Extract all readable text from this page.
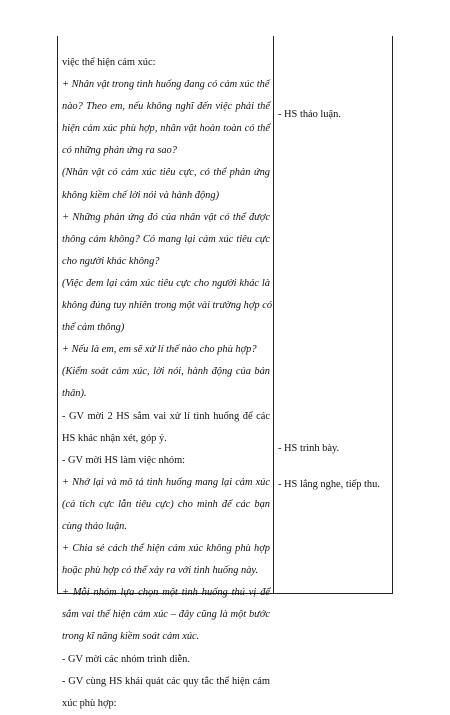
việc thể hiện cảm xúc:
+ Nhân vật trong tình huống đang có cảm xúc thế
nào? Theo em, nếu không nghĩ đến việc phải thể
hiện cảm xúc phù hợp, nhân vật hoàn toàn có thể
có những phản ứng ra sao?
(Nhân vật có cảm xúc tiêu cực, có thể phản ứng
không kiềm chế lời nói và hành động)
+ Những phản ứng đó của nhân vật có thể được
thông cảm không? Có mang lại cảm xúc tiêu cực
cho người khác không?
(Việc đem lại cảm xúc tiêu cực cho người khác là
không đúng tuy nhiên trong một vài trường hợp có
thể cảm thông)
+ Nếu là em, em sẽ xử lí thế nào cho phù hợp?
(Kiểm soát cảm xúc, lời nói, hành động của bản
thân).
- GV mời 2 HS sắm vai xử lí tình huống để các
HS khác nhận xét, góp ý.
- GV mời HS làm việc nhóm:
+ Nhớ lại và mô tả tình huống mang lại cảm xúc
(cả tích cực lẫn tiêu cực) cho mình để các bạn
cùng thảo luận.
+ Chia sẻ cách thể hiện cảm xúc không phù hợp
hoặc phù hợp có thể xảy ra với tình huống này.
+ Mỗi nhóm lựa chọn một tình huống thú vị để
sắm vai thể hiện cảm xúc – đây cũng là một bước
trong kĩ năng kiềm soát cảm xúc.
- GV mời các nhóm trình diễn.
- GV cùng HS khái quát các quy tắc thể hiện cảm
xúc phù hợp:
- HS thảo luận.
- HS trình bày.
- HS lắng nghe, tiếp thu.
